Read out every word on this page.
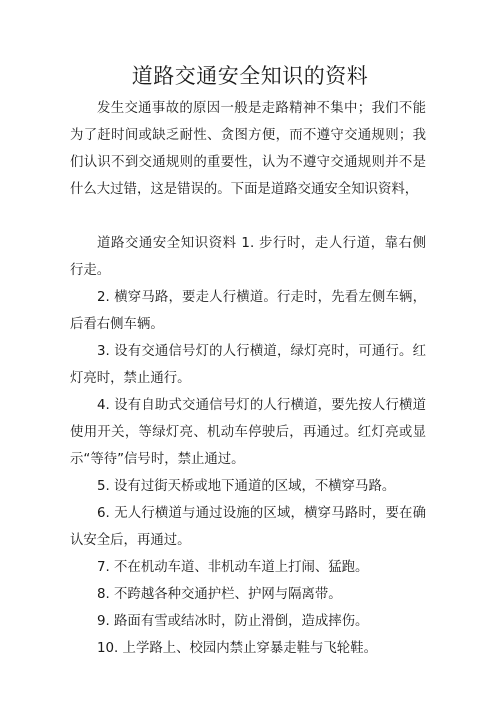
道路交通安全知识的资料

发生交通事故的原因一般是走路精神不集中；我们不能为了赶时间或缺乏耐性、贪图方便，而不遵守交通规则；我们认识不到交通规则的重要性，认为不遵守交通规则并不是什么大过错，这是错误的。下面是道路交通安全知识资料，

道路交通安全知识资料 1. 步行时，走人行道，靠右侧行走。

2. 横穿马路，要走人行横道。行走时，先看左侧车辆，后看右侧车辆。

3. 设有交通信号灯的人行横道，绿灯亮时，可通行。红灯亮时，禁止通行。

4. 设有自助式交通信号灯的人行横道，要先按人行横道使用开关，等绿灯亮、机动车停驶后，再通过。红灯亮或显示“等待”信号时，禁止通过。

5. 设有过街天桥或地下通道的区域，不横穿马路。

6. 无人行横道与通过设施的区域，横穿马路时，要在确认安全后，再通过。

7. 不在机动车道、非机动车道上打闹、猛跑。

8. 不跨越各种交通护栏、护网与隔离带。

9. 路面有雪或结冰时，防止滑倒，造成摔伤。

10. 上学路上、校园内禁止穿暴走鞋与飞轮鞋。
